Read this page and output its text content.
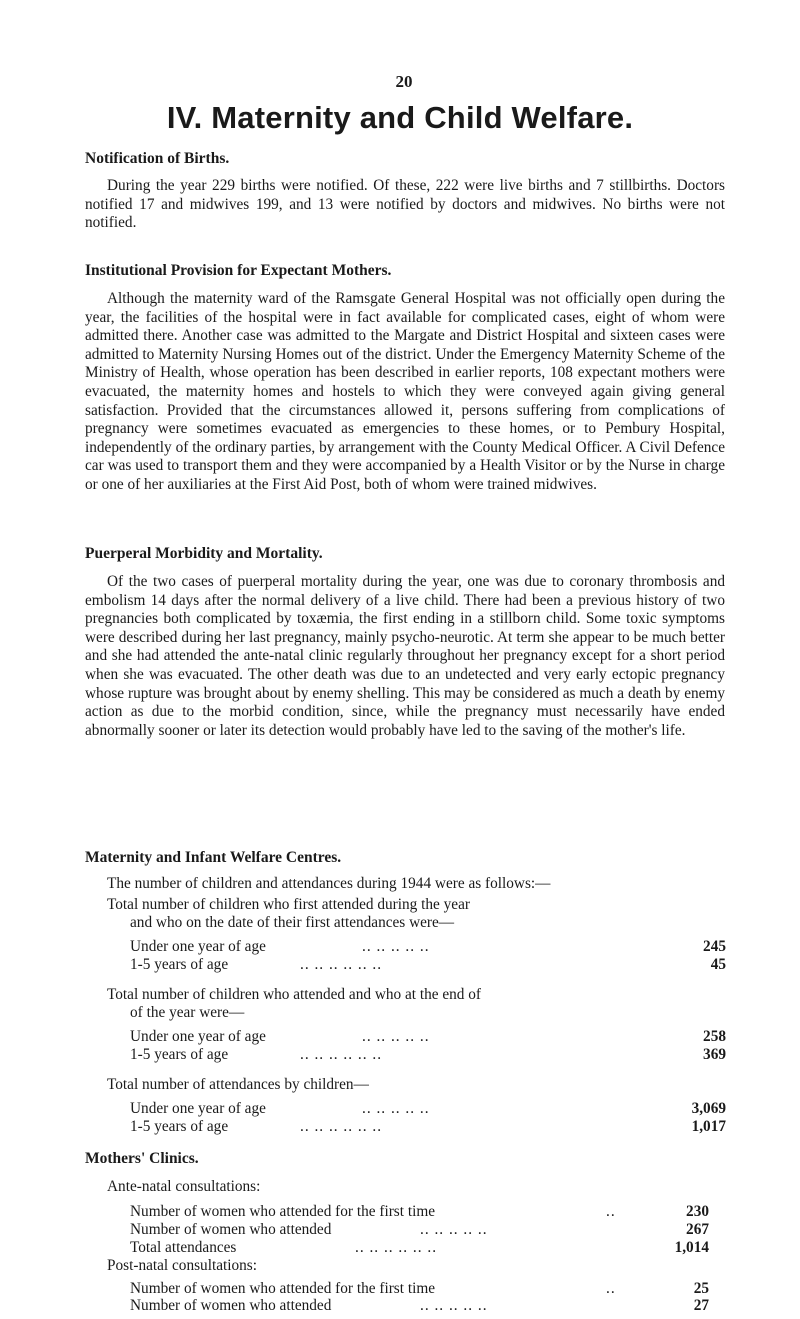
20
IV. Maternity and Child Welfare.
Notification of Births.

During the year 229 births were notified. Of these, 222 were live births and 7 stillbirths. Doctors notified 17 and midwives 199, and 13 were notified by doctors and midwives. No births were not notified.

Institutional Provision for Expectant Mothers.

Although the maternity ward of the Ramsgate General Hospital was not officially open during the year, the facilities of the hospital were in fact available for complicated cases, eight of whom were admitted there. Another case was admitted to the Margate and District Hospital and sixteen cases were admitted to Maternity Nursing Homes out of the district. Under the Emergency Maternity Scheme of the Ministry of Health, whose operation has been described in earlier reports, 108 expectant mothers were evacuated, the maternity homes and hostels to which they were conveyed again giving general satisfaction. Provided that the circumstances allowed it, persons suffering from complications of pregnancy were sometimes evacuated as emergencies to these homes, or to Pembury Hospital, independently of the ordinary parties, by arrangement with the County Medical Officer. A Civil Defence car was used to transport them and they were accompanied by a Health Visitor or by the Nurse in charge or one of her auxiliaries at the First Aid Post, both of whom were trained midwives.

Puerperal Morbidity and Mortality.

Of the two cases of puerperal mortality during the year, one was due to coronary thrombosis and embolism 14 days after the normal delivery of a live child. There had been a previous history of two pregnancies both complicated by toxæmia, the first ending in a stillborn child. Some toxic symptoms were described during her last pregnancy, mainly psycho-neurotic. At term she appear to be much better and she had attended the ante-natal clinic regularly throughout her pregnancy except for a short period when she was evacuated. The other death was due to an undetected and very early ectopic pregnancy whose rupture was brought about by enemy shelling. This may be considered as much a death by enemy action as due to the morbid condition, since, while the pregnancy must necessarily have ended abnormally sooner or later its detection would probably have led to the saving of the mother's life.

Maternity and Infant Welfare Centres.
The number of children and attendances during 1944 were as follows:—
Total number of children who first attended during the year
and who on the date of their first attendances were—
Under one year of age	.. .. .. .. ..	245
1-5 years of age	.. .. .. .. .. ..	45
Total number of children who attended and who at the end of
of the year were—
Under one year of age	.. .. .. .. ..	258
1-5 years of age	.. .. .. .. .. ..	369
Total number of attendances by children—
Under one year of age	.. .. .. .. ..	3,069
1-5 years of age	.. .. .. .. .. ..	1,017
Mothers' Clinics.
Ante-natal consultations:
Number of women who attended for the first time	..	230
Number of women who attended	.. .. .. .. ..	267
Total attendances	.. .. .. .. .. ..	1,014
Post-natal consultations:
Number of women who attended for the first time	..	25
Number of women who attended	.. .. .. .. ..	27
